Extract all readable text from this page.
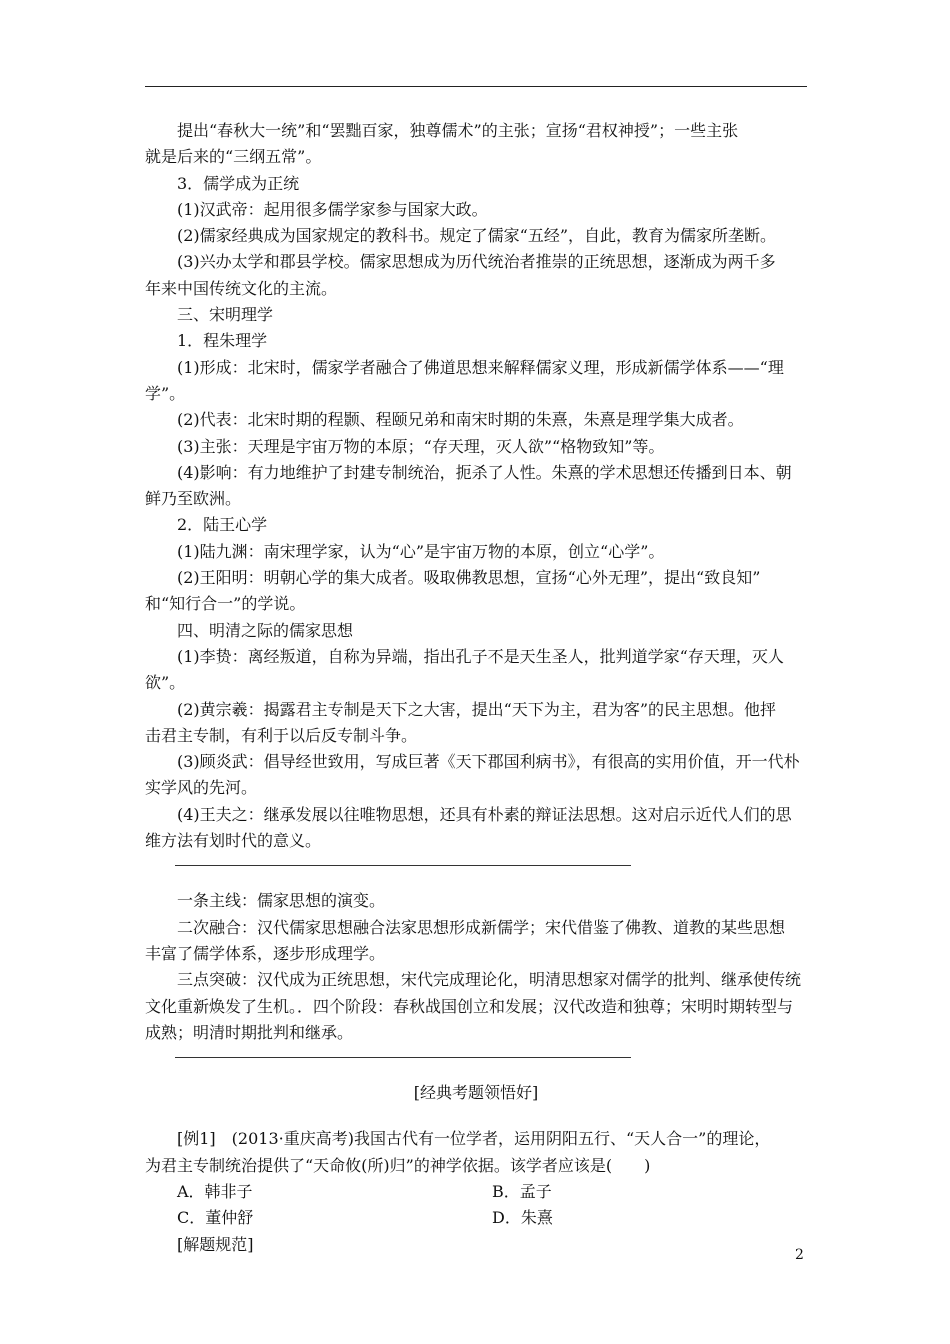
提出“春秋大一统”和“罢黜百家，独尊儒术”的主张；宣扬“君权神授”；一些主张
就是后来的“三纲五常”。
3．儒学成为正统
(1)汉武帝：起用很多儒学家参与国家大政。
(2)儒家经典成为国家规定的教科书。规定了儒家“五经”，自此，教育为儒家所垄断。
(3)兴办太学和郡县学校。儒家思想成为历代统治者推崇的正统思想，逐渐成为两千多
年来中国传统文化的主流。
三、宋明理学
1．程朱理学
(1)形成：北宋时，儒家学者融合了佛道思想来解释儒家义理，形成新儒学体系——“理
学”。
(2)代表：北宋时期的程颢、程颐兄弟和南宋时期的朱熹，朱熹是理学集大成者。
(3)主张：天理是宇宙万物的本原；“存天理，灭人欲”“格物致知”等。
(4)影响：有力地维护了封建专制统治，扼杀了人性。朱熹的学术思想还传播到日本、朝
鲜乃至欧洲。
2．陆王心学
(1)陆九渊：南宋理学家，认为“心”是宇宙万物的本原，创立“心学”。
(2)王阳明：明朝心学的集大成者。吸取佛教思想，宣扬“心外无理”，提出“致良知”
和“知行合一”的学说。
四、明清之际的儒家思想
(1)李贽：离经叛道，自称为异端，指出孔子不是天生圣人，批判道学家“存天理，灭人
欲”。
(2)黄宗羲：揭露君主专制是天下之大害，提出“天下为主，君为客”的民主思想。他抨
击君主专制，有利于以后反专制斗争。
(3)顾炎武：倡导经世致用，写成巨著《天下郡国利病书》，有很高的实用价值，开一代朴
实学风的先河。
(4)王夫之：继承发展以往唯物思想，还具有朴素的辩证法思想。这对启示近代人们的思
维方法有划时代的意义。
一条主线：儒家思想的演变。
二次融合：汉代儒家思想融合法家思想形成新儒学；宋代借鉴了佛教、道教的某些思想
丰富了儒学体系，逐步形成理学。
三点突破：汉代成为正统思想，宋代完成理论化，明清思想家对儒学的批判、继承使传统
文化重新焕发了生机。．四个阶段：春秋战国创立和发展；汉代改造和独尊；宋明时期转型与
成熟；明清时期批判和继承。
[经典考题领悟好]
[例1]　(2013·重庆高考)我国古代有一位学者，运用阴阳五行、“天人合一”的理论，
为君主专制统治提供了“天命攸(所)归”的神学依据。该学者应该是(　　)
A．韩非子	B．孟子
C．董仲舒	D．朱熹
[解题规范]
2
